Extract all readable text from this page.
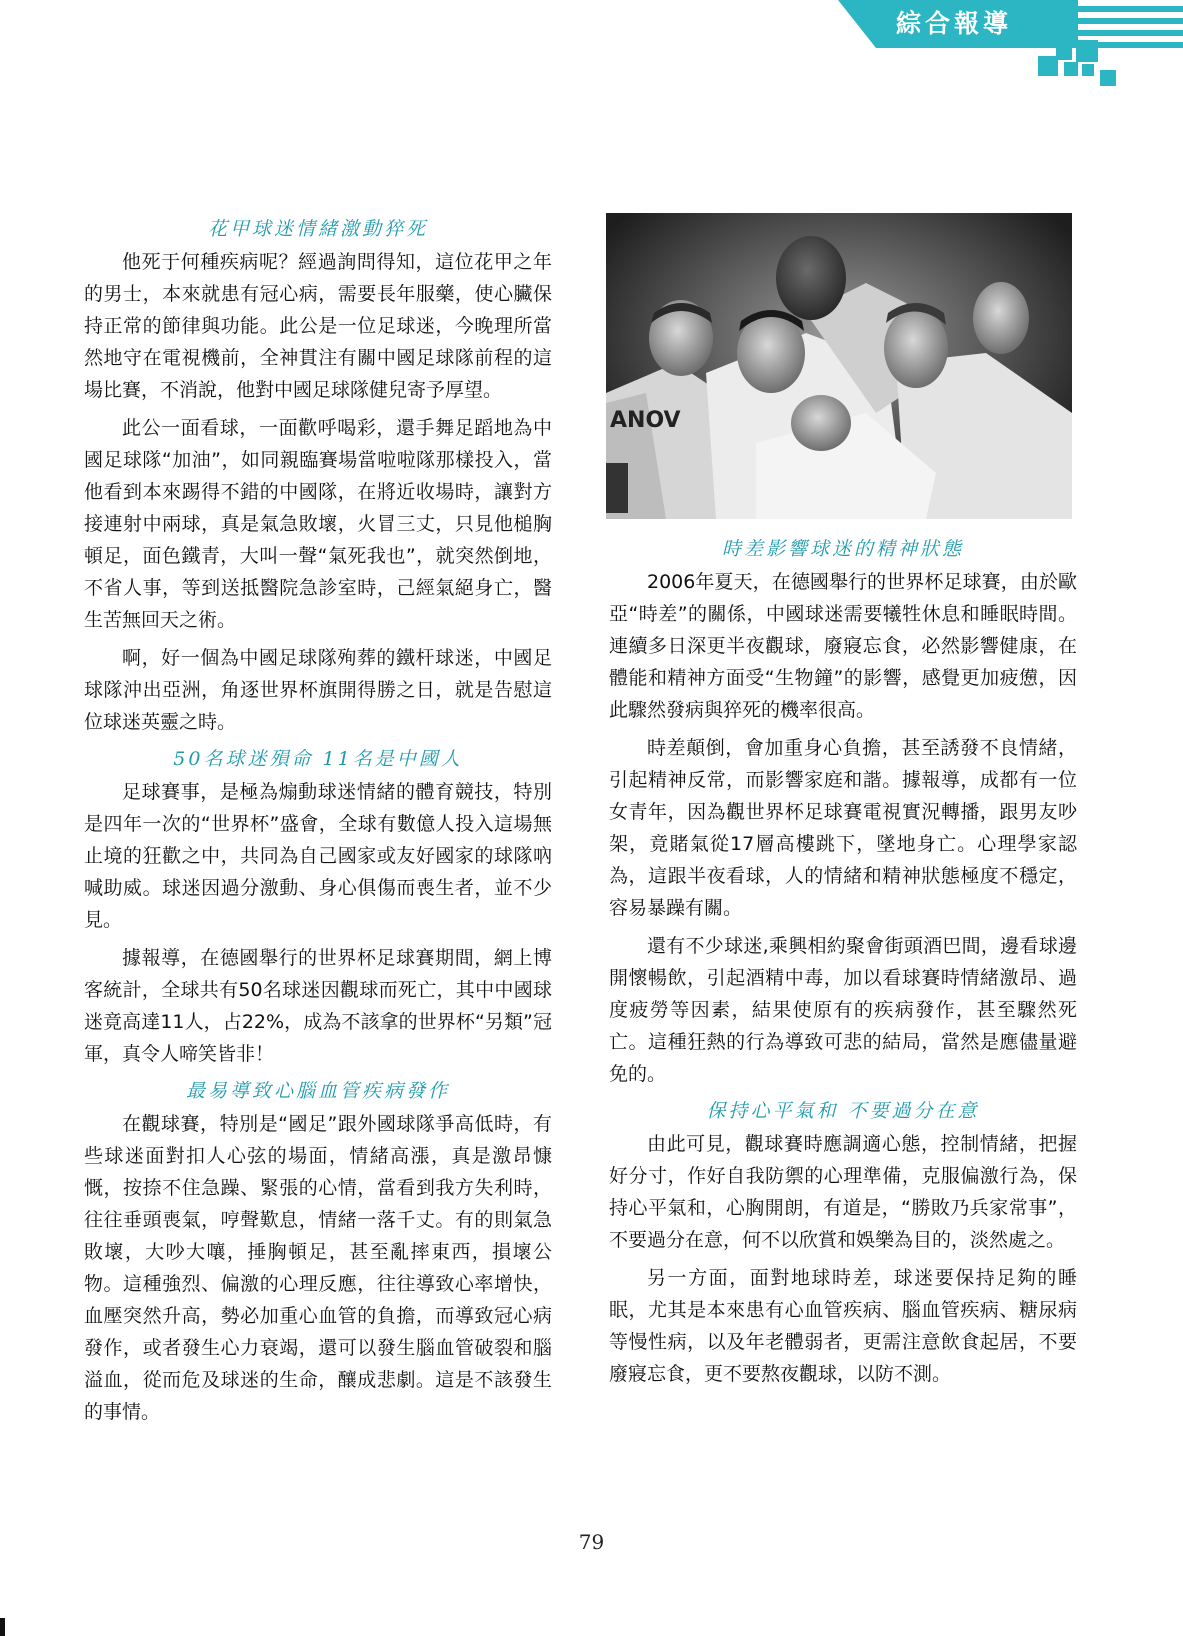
綜合報導
花甲球迷情緒激動猝死

他死于何種疾病呢？經過詢問得知，這位花甲之年的男士，本來就患有冠心病，需要長年服藥，使心臟保持正常的節律與功能。此公是一位足球迷，今晚理所當然地守在電視機前，全神貫注有關中國足球隊前程的這場比賽，不消說，他對中國足球隊健兒寄予厚望。

此公一面看球，一面歡呼喝彩，還手舞足蹈地為中國足球隊“加油”，如同親臨賽場當啦啦隊那樣投入，當他看到本來踢得不錯的中國隊，在將近收場時，讓對方接連射中兩球，真是氣急敗壞，火冒三丈，只見他槌胸頓足，面色鐵青，大叫一聲“氣死我也”，就突然倒地，不省人事，等到送抵醫院急診室時，己經氣絕身亡，醫生苦無回天之術。

啊，好一個為中國足球隊殉葬的鐵杆球迷，中國足球隊沖出亞洲，角逐世界杯旗開得勝之日，就是告慰這位球迷英靈之時。

50名球迷殞命 11名是中國人

足球賽事，是極為煽動球迷情緒的體育競技，特別是四年一次的“世界杯”盛會，全球有數億人投入這場無止境的狂歡之中，共同為自己國家或友好國家的球隊吶喊助威。球迷因過分激動、身心俱傷而喪生者，並不少見。

據報導，在德國舉行的世界杯足球賽期間，網上博客統計，全球共有50名球迷因觀球而死亡，其中中國球迷竟高達11人，占22%，成為不該拿的世界杯“另類”冠軍，真令人啼笑皆非！

最易導致心腦血管疾病發作

在觀球賽，特別是“國足”跟外國球隊爭高低時，有些球迷面對扣人心弦的場面，情緒高漲，真是激昂慷慨，按捺不住急躁、緊張的心情，當看到我方失利時，往往垂頭喪氣，哼聲歎息，情緒一落千丈。有的則氣急敗壞，大吵大嚷，捶胸頓足，甚至亂摔東西，損壞公物。這種強烈、偏激的心理反應，往往導致心率增快，血壓突然升高，勢必加重心血管的負擔，而導致冠心病發作，或者發生心力衰竭，還可以發生腦血管破裂和腦溢血，從而危及球迷的生命，釀成悲劇。這是不該發生的事情。

ANOV
時差影響球迷的精神狀態

2006年夏天，在德國舉行的世界杯足球賽，由於歐亞“時差”的關係，中國球迷需要犧牲休息和睡眠時間。連續多日深更半夜觀球，廢寢忘食，必然影響健康，在體能和精神方面受“生物鐘”的影響，感覺更加疲憊，因此驟然發病與猝死的機率很高。

時差顛倒，會加重身心負擔，甚至誘發不良情緒，引起精神反常，而影響家庭和諧。據報導，成都有一位女青年，因為觀世界杯足球賽電視實況轉播，跟男友吵架，竟賭氣從17層高樓跳下，墜地身亡。心理學家認為，這跟半夜看球，人的情緒和精神狀態極度不穩定，容易暴躁有關。

還有不少球迷,乘興相約聚會街頭酒巴間，邊看球邊開懷暢飲，引起酒精中毒，加以看球賽時情緒激昂、過度疲勞等因素，結果使原有的疾病發作，甚至驟然死亡。這種狂熱的行為導致可悲的結局，當然是應儘量避免的。

保持心平氣和 不要過分在意

由此可見，觀球賽時應調適心態，控制情緒，把握好分寸，作好自我防禦的心理準備，克服偏激行為，保持心平氣和，心胸開朗，有道是，“勝敗乃兵家常事”，不要過分在意，何不以欣賞和娛樂為目的，淡然處之。

另一方面，面對地球時差，球迷要保持足夠的睡眠，尤其是本來患有心血管疾病、腦血管疾病、糖尿病等慢性病，以及年老體弱者，更需注意飲食起居，不要廢寢忘食，更不要熬夜觀球，以防不測。

79
